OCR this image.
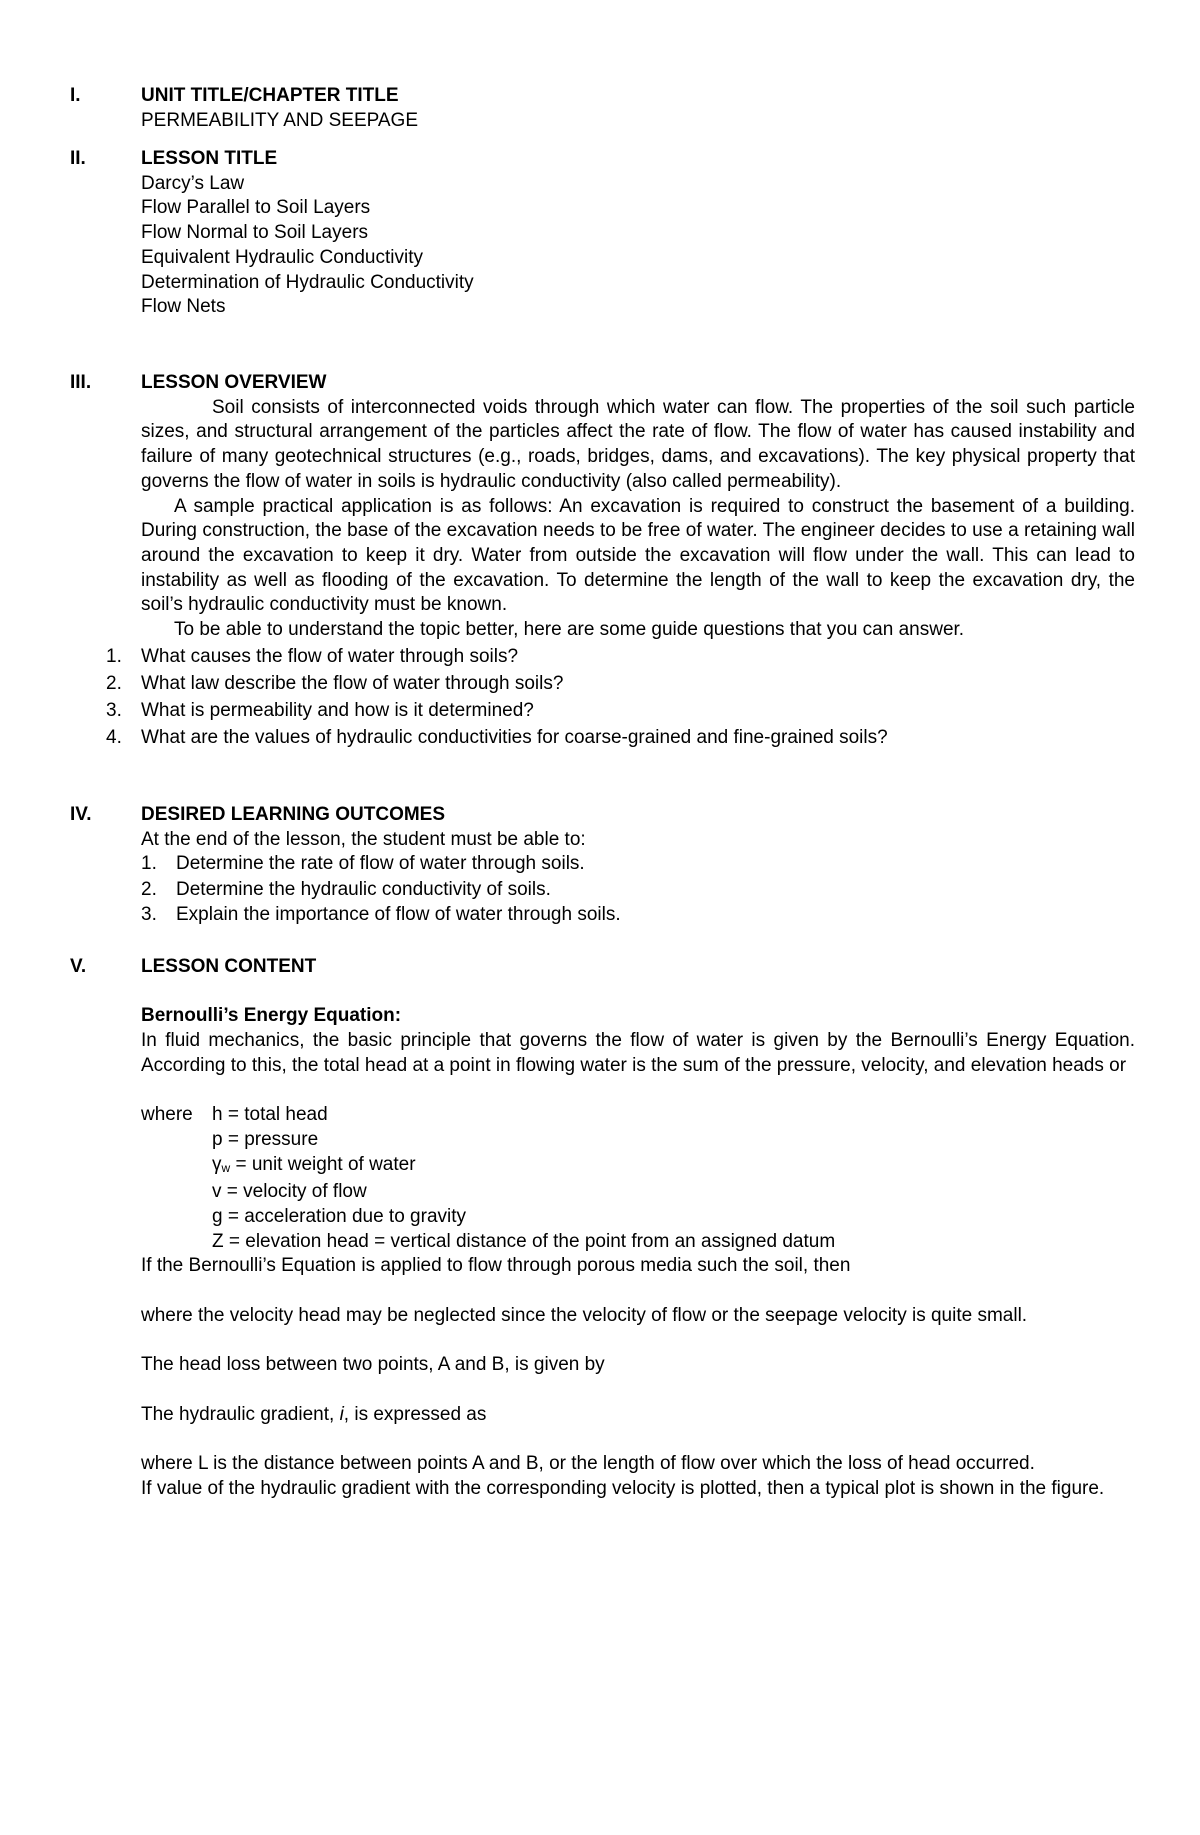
I.	UNIT TITLE/CHAPTER TITLE
PERMEABILITY AND SEEPAGE
II.	LESSON TITLE
Darcy’s Law
Flow Parallel to Soil Layers
Flow Normal to Soil Layers
Equivalent Hydraulic Conductivity
Determination of Hydraulic Conductivity
Flow Nets
III.	LESSON OVERVIEW

Soil consists of interconnected voids through which water can flow. The properties of the soil such particle sizes, and structural arrangement of the particles affect the rate of flow. The flow of water has caused instability and failure of many geotechnical structures (e.g., roads, bridges, dams, and excavations). The key physical property that governs the flow of water in soils is hydraulic conductivity (also called permeability).

A sample practical application is as follows: An excavation is required to construct the basement of a building. During construction, the base of the excavation needs to be free of water. The engineer decides to use a retaining wall around the excavation to keep it dry. Water from outside the excavation will flow under the wall. This can lead to instability as well as flooding of the excavation. To determine the length of the wall to keep the excavation dry, the soil’s hydraulic conductivity must be known.

To be able to understand the topic better, here are some guide questions that you can answer.

1. What causes the flow of water through soils?
2. What law describe the flow of water through soils?
3. What is permeability and how is it determined?
4. What are the values of hydraulic conductivities for coarse-grained and fine-grained soils?
IV.	DESIRED LEARNING OUTCOMES
At the end of the lesson, the student must be able to:
1. Determine the rate of flow of water through soils.
2. Determine the hydraulic conductivity of soils.
3. Explain the importance of flow of water through soils.
V.	LESSON CONTENT
Bernoulli’s Energy Equation:

In fluid mechanics, the basic principle that governs the flow of water is given by the Bernoulli’s Energy Equation. According to this, the total head at a point in flowing water is the sum of the pressure, velocity, and elevation heads or

where h = total head
p = pressure
γw = unit weight of water
v = velocity of flow
g = acceleration due to gravity
Z = elevation head = vertical distance of the point from an assigned datum

If the Bernoulli’s Equation is applied to flow through porous media such the soil, then

where the velocity head may be neglected since the velocity of flow or the seepage velocity is quite small.

The head loss between two points, A and B, is given by

The hydraulic gradient, i, is expressed as

where L is the distance between points A and B, or the length of flow over which the loss of head occurred.

If value of the hydraulic gradient with the corresponding velocity is plotted, then a typical plot is shown in the figure.
